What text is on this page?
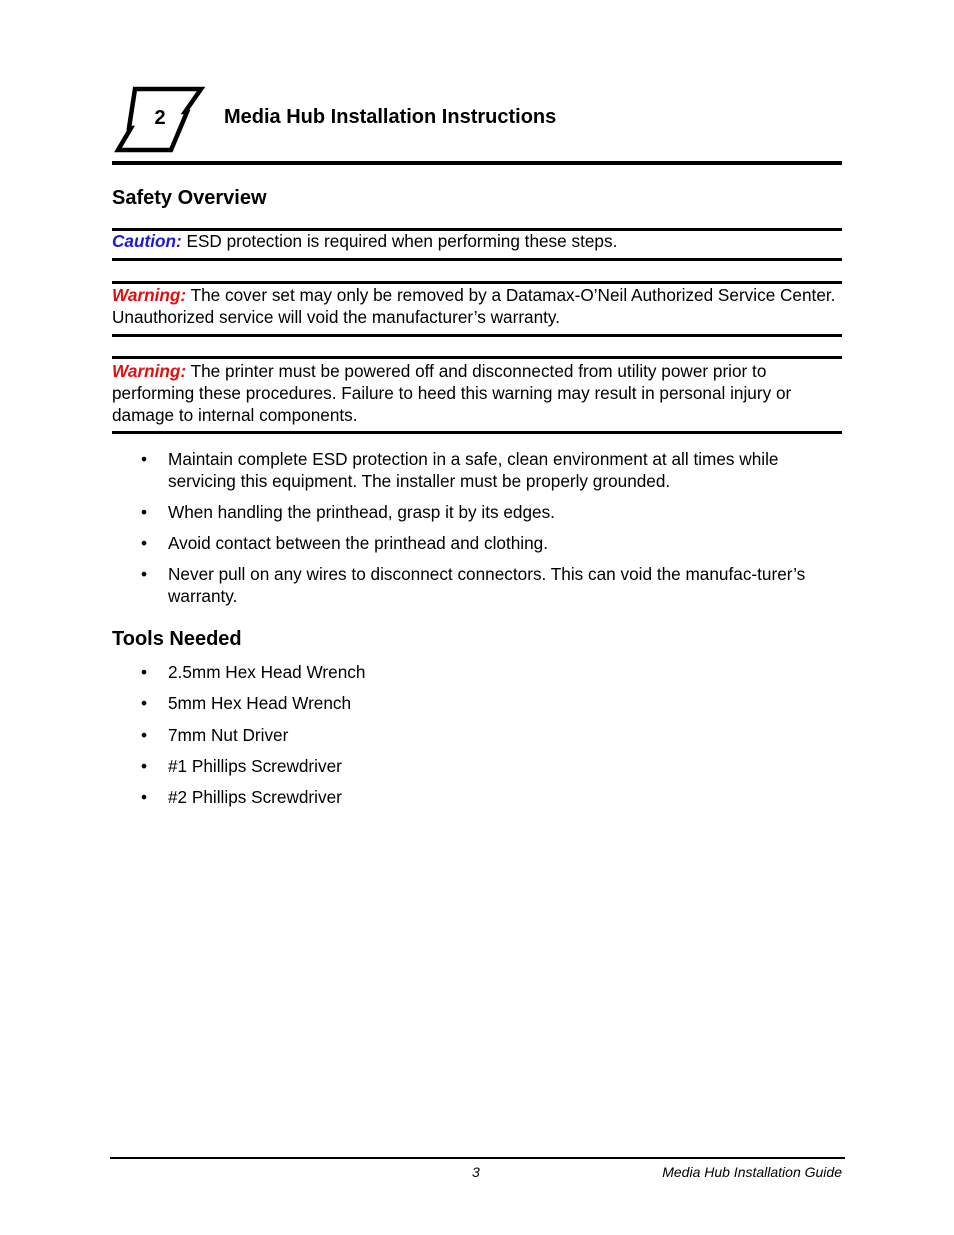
2	Media Hub Installation Instructions
Safety Overview
Caution: ESD protection is required when performing these steps.
Warning: The cover set may only be removed by a Datamax-O’Neil Authorized Service Center. Unauthorized service will void the manufacturer’s warranty.
Warning: The printer must be powered off and disconnected from utility power prior to performing these procedures. Failure to heed this warning may result in personal injury or damage to internal components.
• Maintain complete ESD protection in a safe, clean environment at all times while servicing this equipment. The installer must be properly grounded.
• When handling the printhead, grasp it by its edges.
• Avoid contact between the printhead and clothing.
• Never pull on any wires to disconnect connectors. This can void the manufac-turer’s warranty.
Tools Needed
• 2.5mm Hex Head Wrench
• 5mm Hex Head Wrench
• 7mm Nut Driver
• #1 Phillips Screwdriver
• #2 Phillips Screwdriver
3	Media Hub Installation Guide
